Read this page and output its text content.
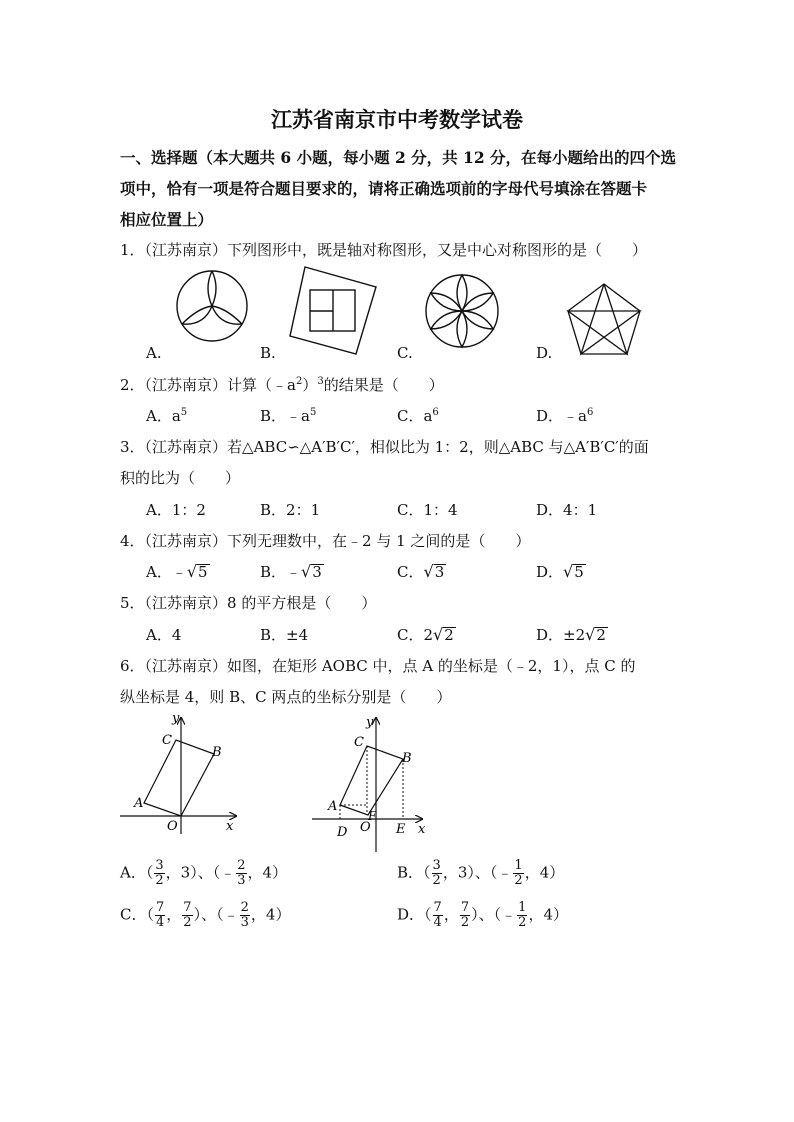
江苏省南京市中考数学试卷
一、选择题（本大题共 6 小题，每小题 2 分，共 12 分，在每小题给出的四个选
项中，恰有一项是符合题目要求的，请将正确选项前的字母代号填涂在答题卡
相应位置上）
1．（江苏南京）下列图形中，既是轴对称图形，又是中心对称图形的是（　　）
A.	B.	C.	D.
2．（江苏南京）计算$(﹣a^2)^3$的结果是（　　）
A．$a^5$	B．$﹣a^5$	C．$a^6$	D．$﹣a^6$
3．（江苏南京）若△ABC∽△A′B′C′，相似比为 1：2，则△ABC 与△A′B′C′的面
积的比为（　　）
A．1：2	B．2：1	C．1：4	D．4：1
4．（江苏南京）下列无理数中，在﹣2 与 1 之间的是（　　）
A．﹣√5	B．﹣√3	C．√3	D．√5
5．（江苏南京）8 的平方根是（　　）
A．4	B．±4	C．2√2	D．±2√2
6．（江苏南京）如图，在矩形 AOBC 中，点 A 的坐标是（﹣2，1），点 C 的
纵坐标是 4，则 B、C 两点的坐标分别是（　　）
y
x
C
B
A
O
y
x
C
B
A
O
F
D	E
A．（ $\frac{3}{2}$ ，3）、（﹣ $\frac{2}{3}$ ，4）	B．（ $\frac{3}{2}$ ，3）、（﹣ $\frac{1}{2}$ ，4）
C．（ $\frac{7}{4}$ ， $\frac{7}{2}$ ）、（﹣ $\frac{2}{3}$ ，4）	D．（ $\frac{7}{4}$ ， $\frac{7}{2}$ ）、（﹣ $\frac{1}{2}$ ，4）
